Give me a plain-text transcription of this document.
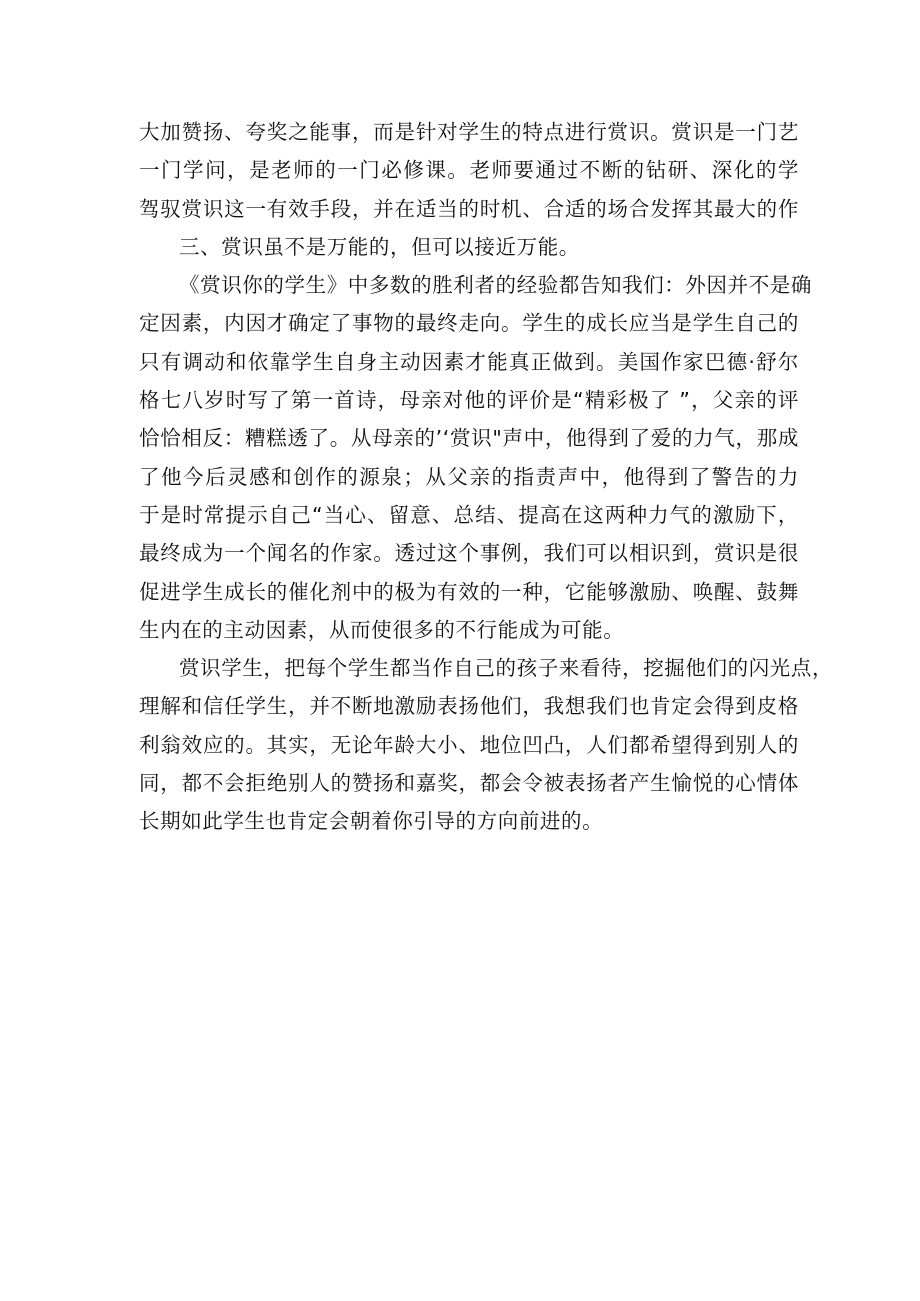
大加赞扬、夸奖之能事，而是针对学生的特点进行赏识。赏识是一门艺
一门学问，是老师的一门必修课。老师要通过不断的钻研、深化的学
驾驭赏识这一有效手段，并在适当的时机、合适的场合发挥其最大的作
三、赏识虽不是万能的，但可以接近万能。
《赏识你的学生》中多数的胜利者的经验都告知我们：外因并不是确
定因素，内因才确定了事物的最终走向。学生的成长应当是学生自己的
只有调动和依靠学生自身主动因素才能真正做到。美国作家巴德·舒尔
格七八岁时写了第一首诗，母亲对他的评价是“精彩极了 ”，父亲的评
恰恰相反：糟糕透了。从母亲的’‘赏识"声中，他得到了爱的力气，那成
了他今后灵感和创作的源泉；从父亲的指责声中，他得到了警告的力
于是时常提示自己“当心、留意、总结、提高在这两种力气的激励下，
最终成为一个闻名的作家。透过这个事例，我们可以相识到，赏识是很
促进学生成长的催化剂中的极为有效的一种，它能够激励、唤醒、鼓舞
生内在的主动因素，从而使很多的不行能成为可能。
赏识学生，把每个学生都当作自己的孩子来看待，挖掘他们的闪光点，
理解和信任学生，并不断地激励表扬他们，我想我们也肯定会得到皮格
利翁效应的。其实，无论年龄大小、地位凹凸，人们都希望得到别人的
同，都不会拒绝别人的赞扬和嘉奖，都会令被表扬者产生愉悦的心情体
长期如此学生也肯定会朝着你引导的方向前进的。
